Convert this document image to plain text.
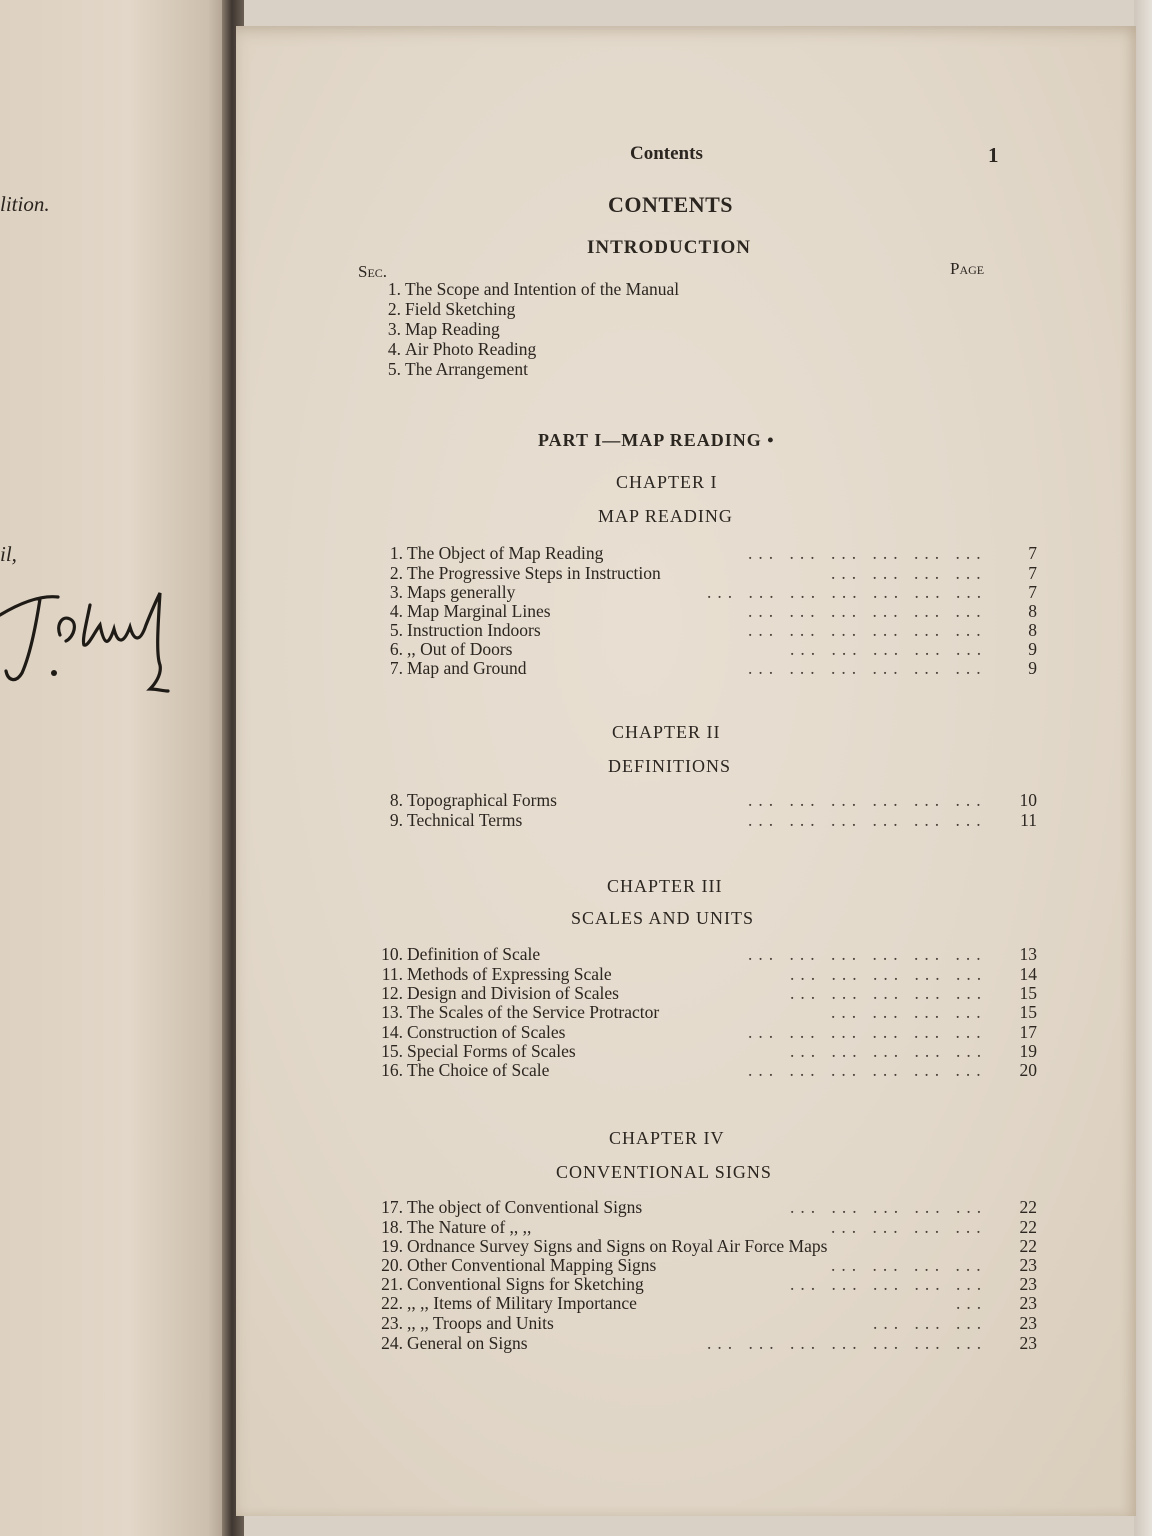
lition.
il,
Contents	1
CONTENTS
INTRODUCTION
Sec.	Page
1. The Scope and Intention of the Manual
2. Field Sketching
3. Map Reading
4. Air Photo Reading
5. The Arrangement
PART I—MAP READING •
CHAPTER I
MAP READING
1. The Object of Map Reading	... ... ... ... ... ...	7
2. The Progressive Steps in Instruction	... ... ... ...	7
3. Maps generally	... ... ... ... ... ... ...	7
4. Map Marginal Lines	... ... ... ... ... ...	8
5. Instruction Indoors	... ... ... ... ... ...	8
6. ,, Out of Doors	... ... ... ... ...	9
7. Map and Ground	... ... ... ... ... ...	9
CHAPTER II
DEFINITIONS
8. Topographical Forms	... ... ... ... ... ...	10
9. Technical Terms	... ... ... ... ... ...	11
CHAPTER III
SCALES AND UNITS
10. Definition of Scale	... ... ... ... ... ...	13
11. Methods of Expressing Scale	... ... ... ... ...	14
12. Design and Division of Scales	... ... ... ... ...	15
13. The Scales of the Service Protractor	... ... ... ...	15
14. Construction of Scales	... ... ... ... ... ...	17
15. Special Forms of Scales	... ... ... ... ...	19
16. The Choice of Scale	... ... ... ... ... ...	20
CHAPTER IV
CONVENTIONAL SIGNS
17. The object of Conventional Signs	... ... ... ... ...	22
18. The Nature of ,, ,,	... ... ... ...	22
19. Ordnance Survey Signs and Signs on Royal Air Force Maps	22
20. Other Conventional Mapping Signs	... ... ... ...	23
21. Conventional Signs for Sketching	... ... ... ... ...	23
22. ,, ,, Items of Military Importance	...	23
23. ,, ,, Troops and Units	... ... ...	23
24. General on Signs	... ... ... ... ... ... ...	23
